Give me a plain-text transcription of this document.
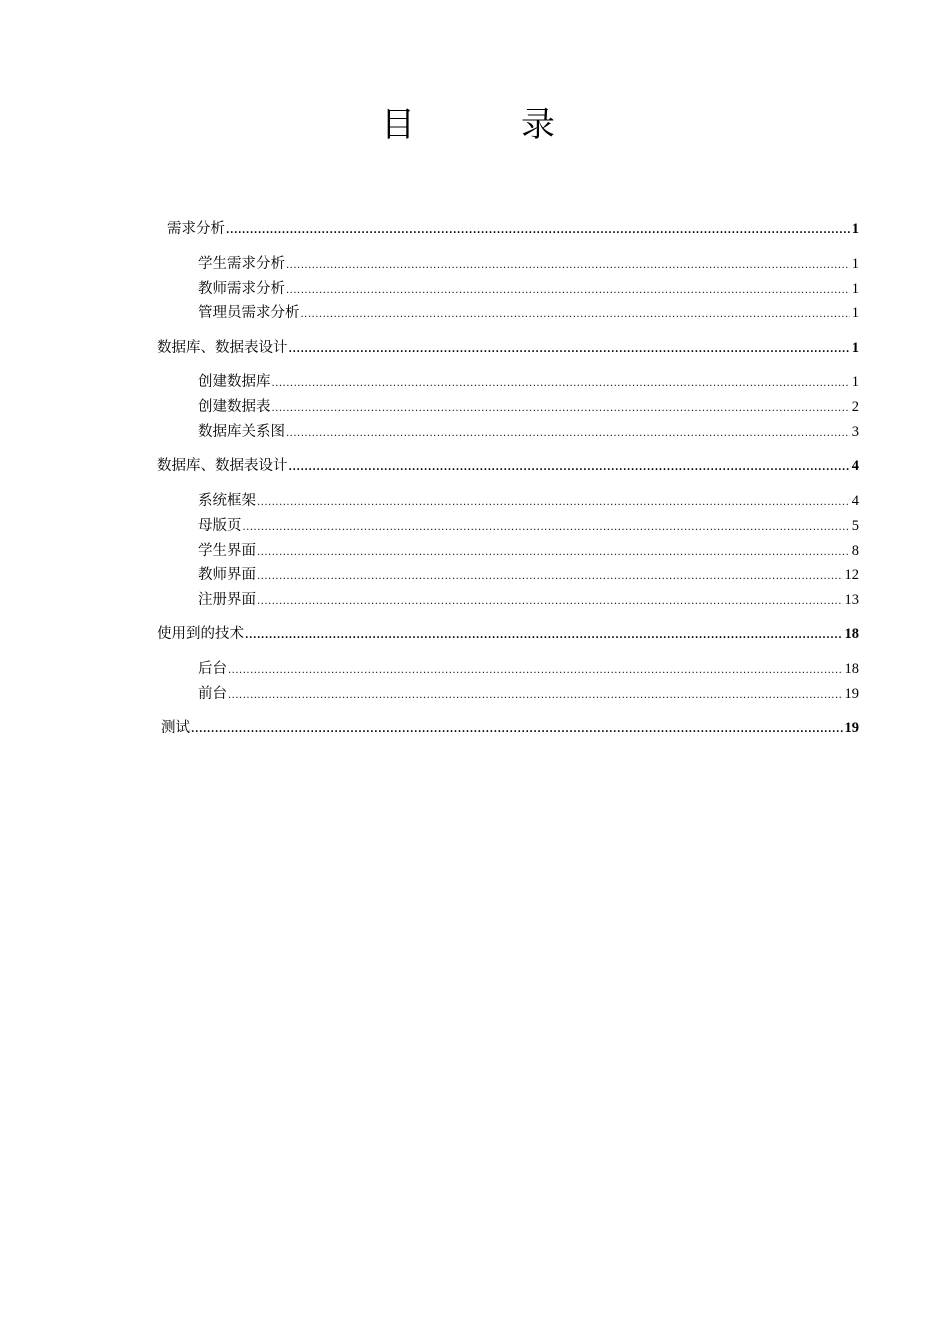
目　录
需求分析 .....	1
学生需求分析 .....	1
教师需求分析 .....	1
管理员需求分析 .....	1
数据库、数据表设计 .....	1
创建数据库 .....	1
创建数据表 .....	2
数据库关系图 .....	3
数据库、数据表设计 .....	4
系统框架 .....	4
母版页 .....	5
学生界面 .....	8
教师界面 .....	12
注册界面 .....	13
使用到的技术 .....	18
后台 .....	18
前台 .....	19
测试 .....	19
